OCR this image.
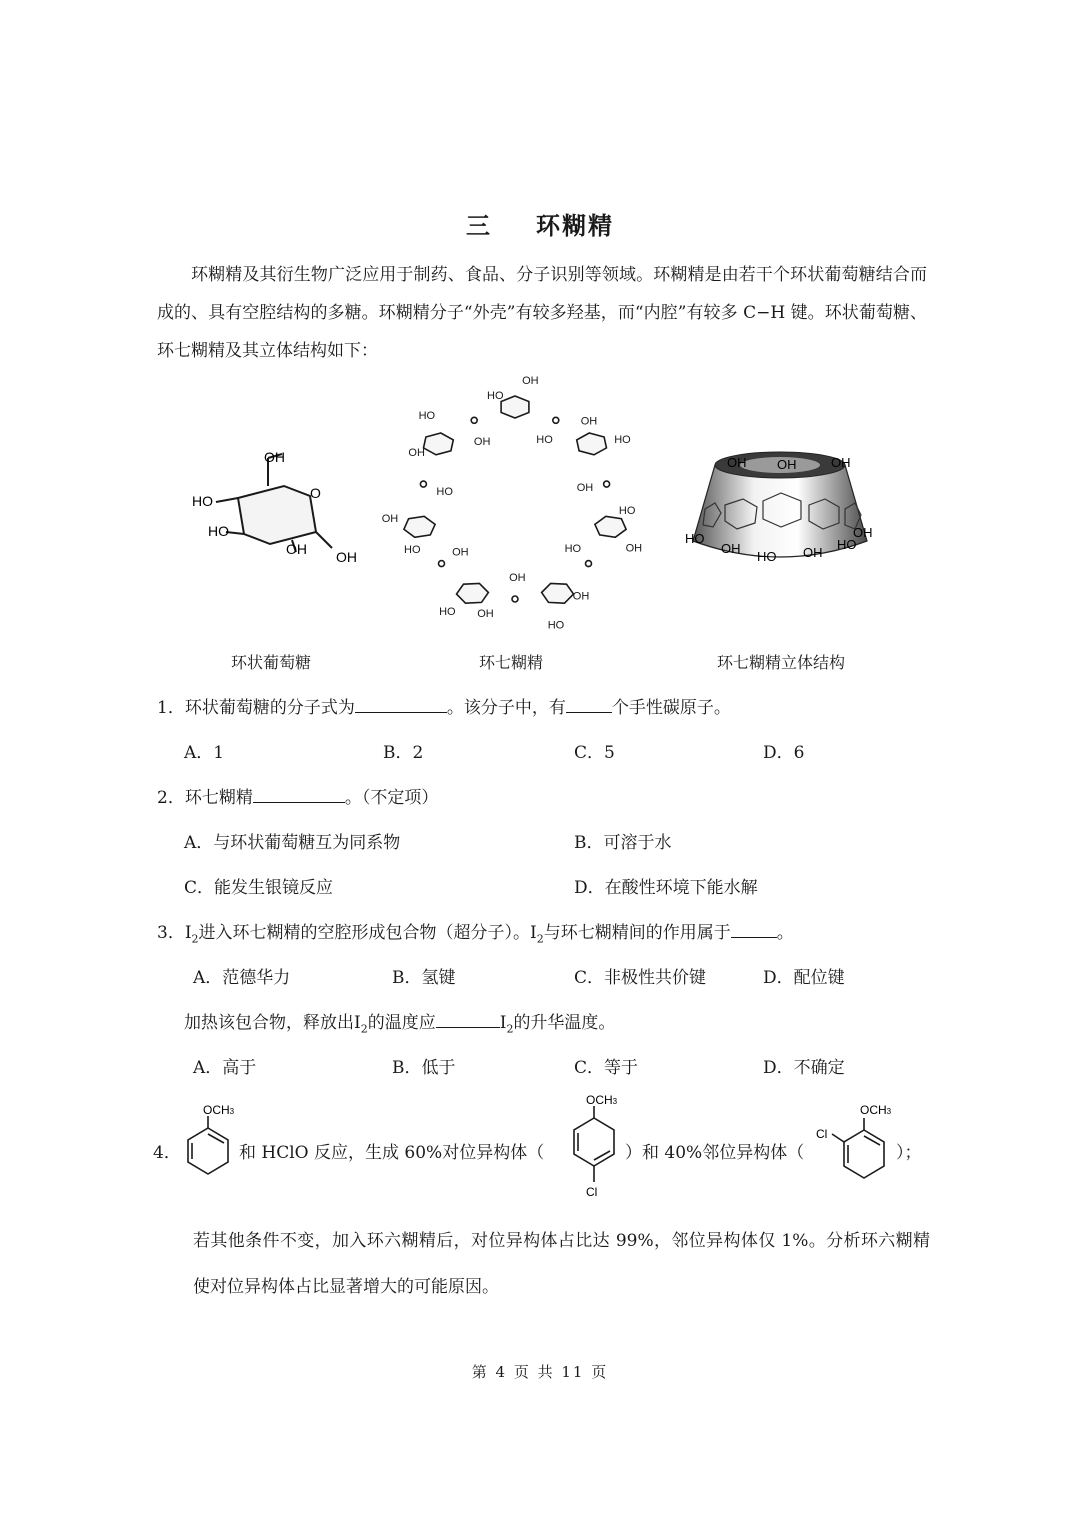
三 环糊精
环糊精及其衍生物广泛应用于制药、食品、分子识别等领域。环糊精是由若干个环状葡萄糖结合而成的、具有空腔结构的多糖。环糊精分子“外壳”有较多羟基，而“内腔”有较多 C−H 键。环状葡萄糖、环七糊精及其立体结构如下：
OH
HO
HO
OH OH
O
OH
HO
OH
HO
OH
HO
OH
HO
OH
HO
OH
OH
HO
OH
HO
OH
HO
OH
HO
OH
HO
OH OH	OH
HO
OH
HO OH
HO
OH
环状葡萄糖	环七糊精	环七糊精立体结构
1．环状葡萄糖的分子式为	。该分子中，有	个手性碳原子。
A．1	B．2	C．5	D．6
2．环七糊精	。（不定项）
A．与环状葡萄糖互为同系物	B．可溶于水
C．能发生银镜反应	D．在酸性环境下能水解
3．$I_2$进入环七糊精的空腔形成包合物（超分子）。$I_2$与环七糊精间的作用属于	。
A．范德华力	B．氢键	C．非极性共价键	D．配位键
加热该包合物，释放出$I_2$的温度应	$I_2$的升华温度。
A．高于	B．低于	C．等于	D．不确定
4．
OCH3
和 HClO 反应，生成 60%对位异构体（
OCH3
Cl
）和 40%邻位异构体（
OCH3
Cl
）；
若其他条件不变，加入环六糊精后，对位异构体占比达 99%，邻位异构体仅 1%。分析环六糊精使对位异构体占比显著增大的可能原因。
第 4 页 共 11 页
